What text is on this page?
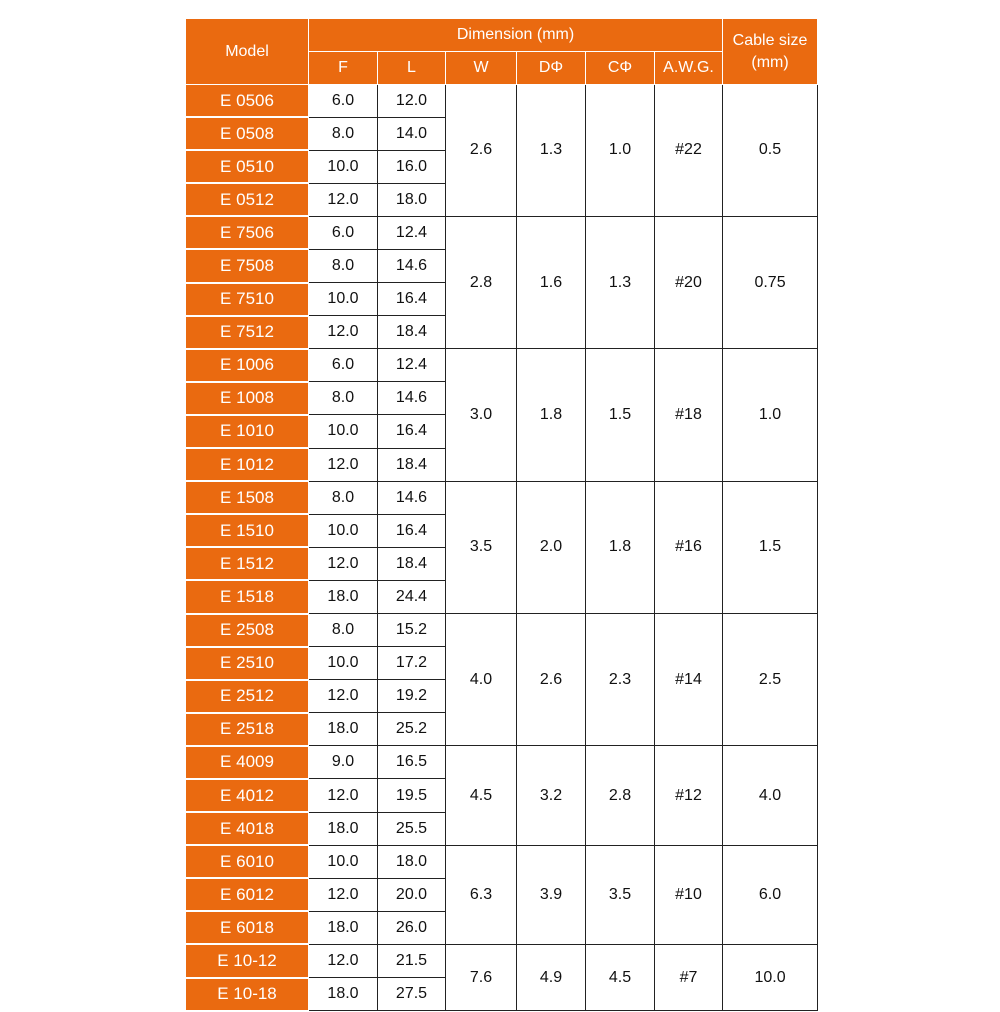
Model	Dimension (mm)						Cable size (mm)
	F	L	W	DΦ	CΦ	A.W.G.	
E 0506	6.0	12.0	2.6	1.3	1.0	#22	0.5
E 0508	8.0	14.0					
E 0510	10.0	16.0					
E 0512	12.0	18.0					
E 7506	6.0	12.4	2.8	1.6	1.3	#20	0.75
E 7508	8.0	14.6					
E 7510	10.0	16.4					
E 7512	12.0	18.4					
E 1006	6.0	12.4	3.0	1.8	1.5	#18	1.0
E 1008	8.0	14.6					
E 1010	10.0	16.4					
E 1012	12.0	18.4					
E 1508	8.0	14.6	3.5	2.0	1.8	#16	1.5
E 1510	10.0	16.4					
E 1512	12.0	18.4					
E 1518	18.0	24.4					
E 2508	8.0	15.2	4.0	2.6	2.3	#14	2.5
E 2510	10.0	17.2					
E 2512	12.0	19.2					
E 2518	18.0	25.2					
E 4009	9.0	16.5	4.5	3.2	2.8	#12	4.0
E 4012	12.0	19.5					
E 4018	18.0	25.5					
E 6010	10.0	18.0	6.3	3.9	3.5	#10	6.0
E 6012	12.0	20.0					
E 6018	18.0	26.0					
E 10-12	12.0	21.5	7.6	4.9	4.5	#7	10.0
E 10-18	18.0	27.5					
